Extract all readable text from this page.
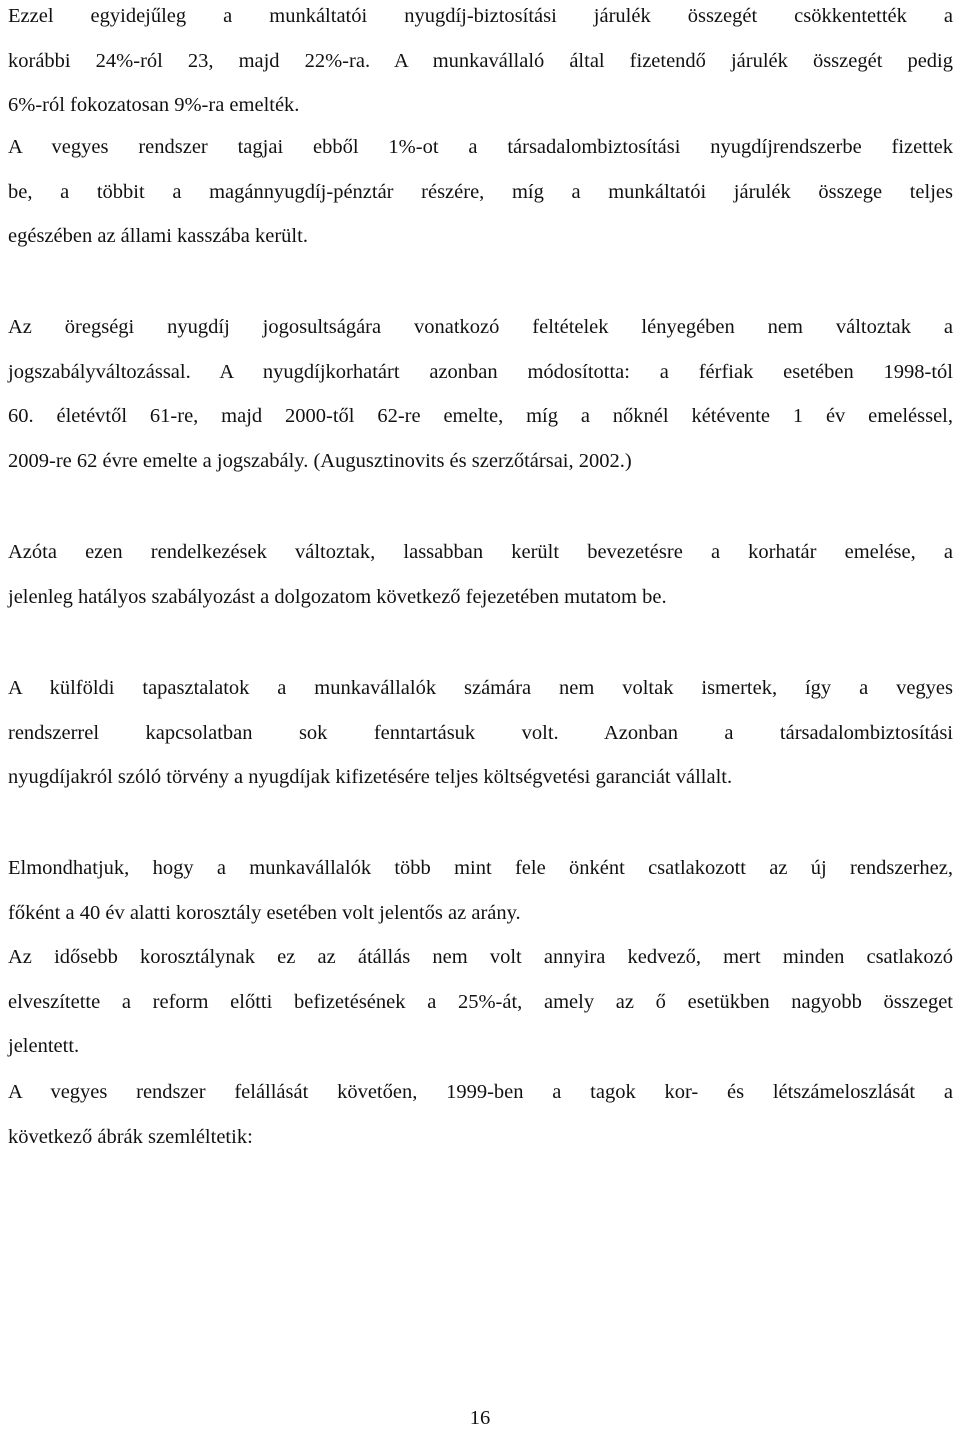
Ezzel egyidejűleg a munkáltatói nyugdíj-biztosítási járulék összegét csökkentették a
korábbi 24%-ról 23, majd 22%-ra. A munkavállaló által fizetendő járulék összegét pedig
6%-ról fokozatosan 9%-ra emelték.

A vegyes rendszer tagjai ebből 1%-ot a társadalombiztosítási nyugdíjrendszerbe fizettek
be, a többit a magánnyugdíj-pénztár részére, míg a munkáltatói járulék összege teljes
egészében az állami kasszába került.

Az öregségi nyugdíj jogosultságára vonatkozó feltételek lényegében nem változtak a
jogszabályváltozással. A nyugdíjkorhatárt azonban módosította: a férfiak esetében 1998-tól
60. életévtől 61-re, majd 2000-től 62-re emelte, míg a nőknél kétévente 1 év emeléssel,
2009-re 62 évre emelte a jogszabály. (Augusztinovits és szerzőtársai, 2002.)

Azóta ezen rendelkezések változtak, lassabban került bevezetésre a korhatár emelése, a
jelenleg hatályos szabályozást a dolgozatom következő fejezetében mutatom be.

A külföldi tapasztalatok a munkavállalók számára nem voltak ismertek, így a vegyes
rendszerrel kapcsolatban sok fenntartásuk volt. Azonban a társadalombiztosítási
nyugdíjakról szóló törvény a nyugdíjak kifizetésére teljes költségvetési garanciát vállalt.

Elmondhatjuk, hogy a munkavállalók több mint fele önként csatlakozott az új rendszerhez,
főként a 40 év alatti korosztály esetében volt jelentős az arány.

Az idősebb korosztálynak ez az átállás nem volt annyira kedvező, mert minden csatlakozó
elveszítette a reform előtti befizetésének a 25%-át, amely az ő esetükben nagyobb összeget
jelentett.

A vegyes rendszer felállását követően, 1999-ben a tagok kor- és létszámeloszlását a
következő ábrák szemléltetik:

16
